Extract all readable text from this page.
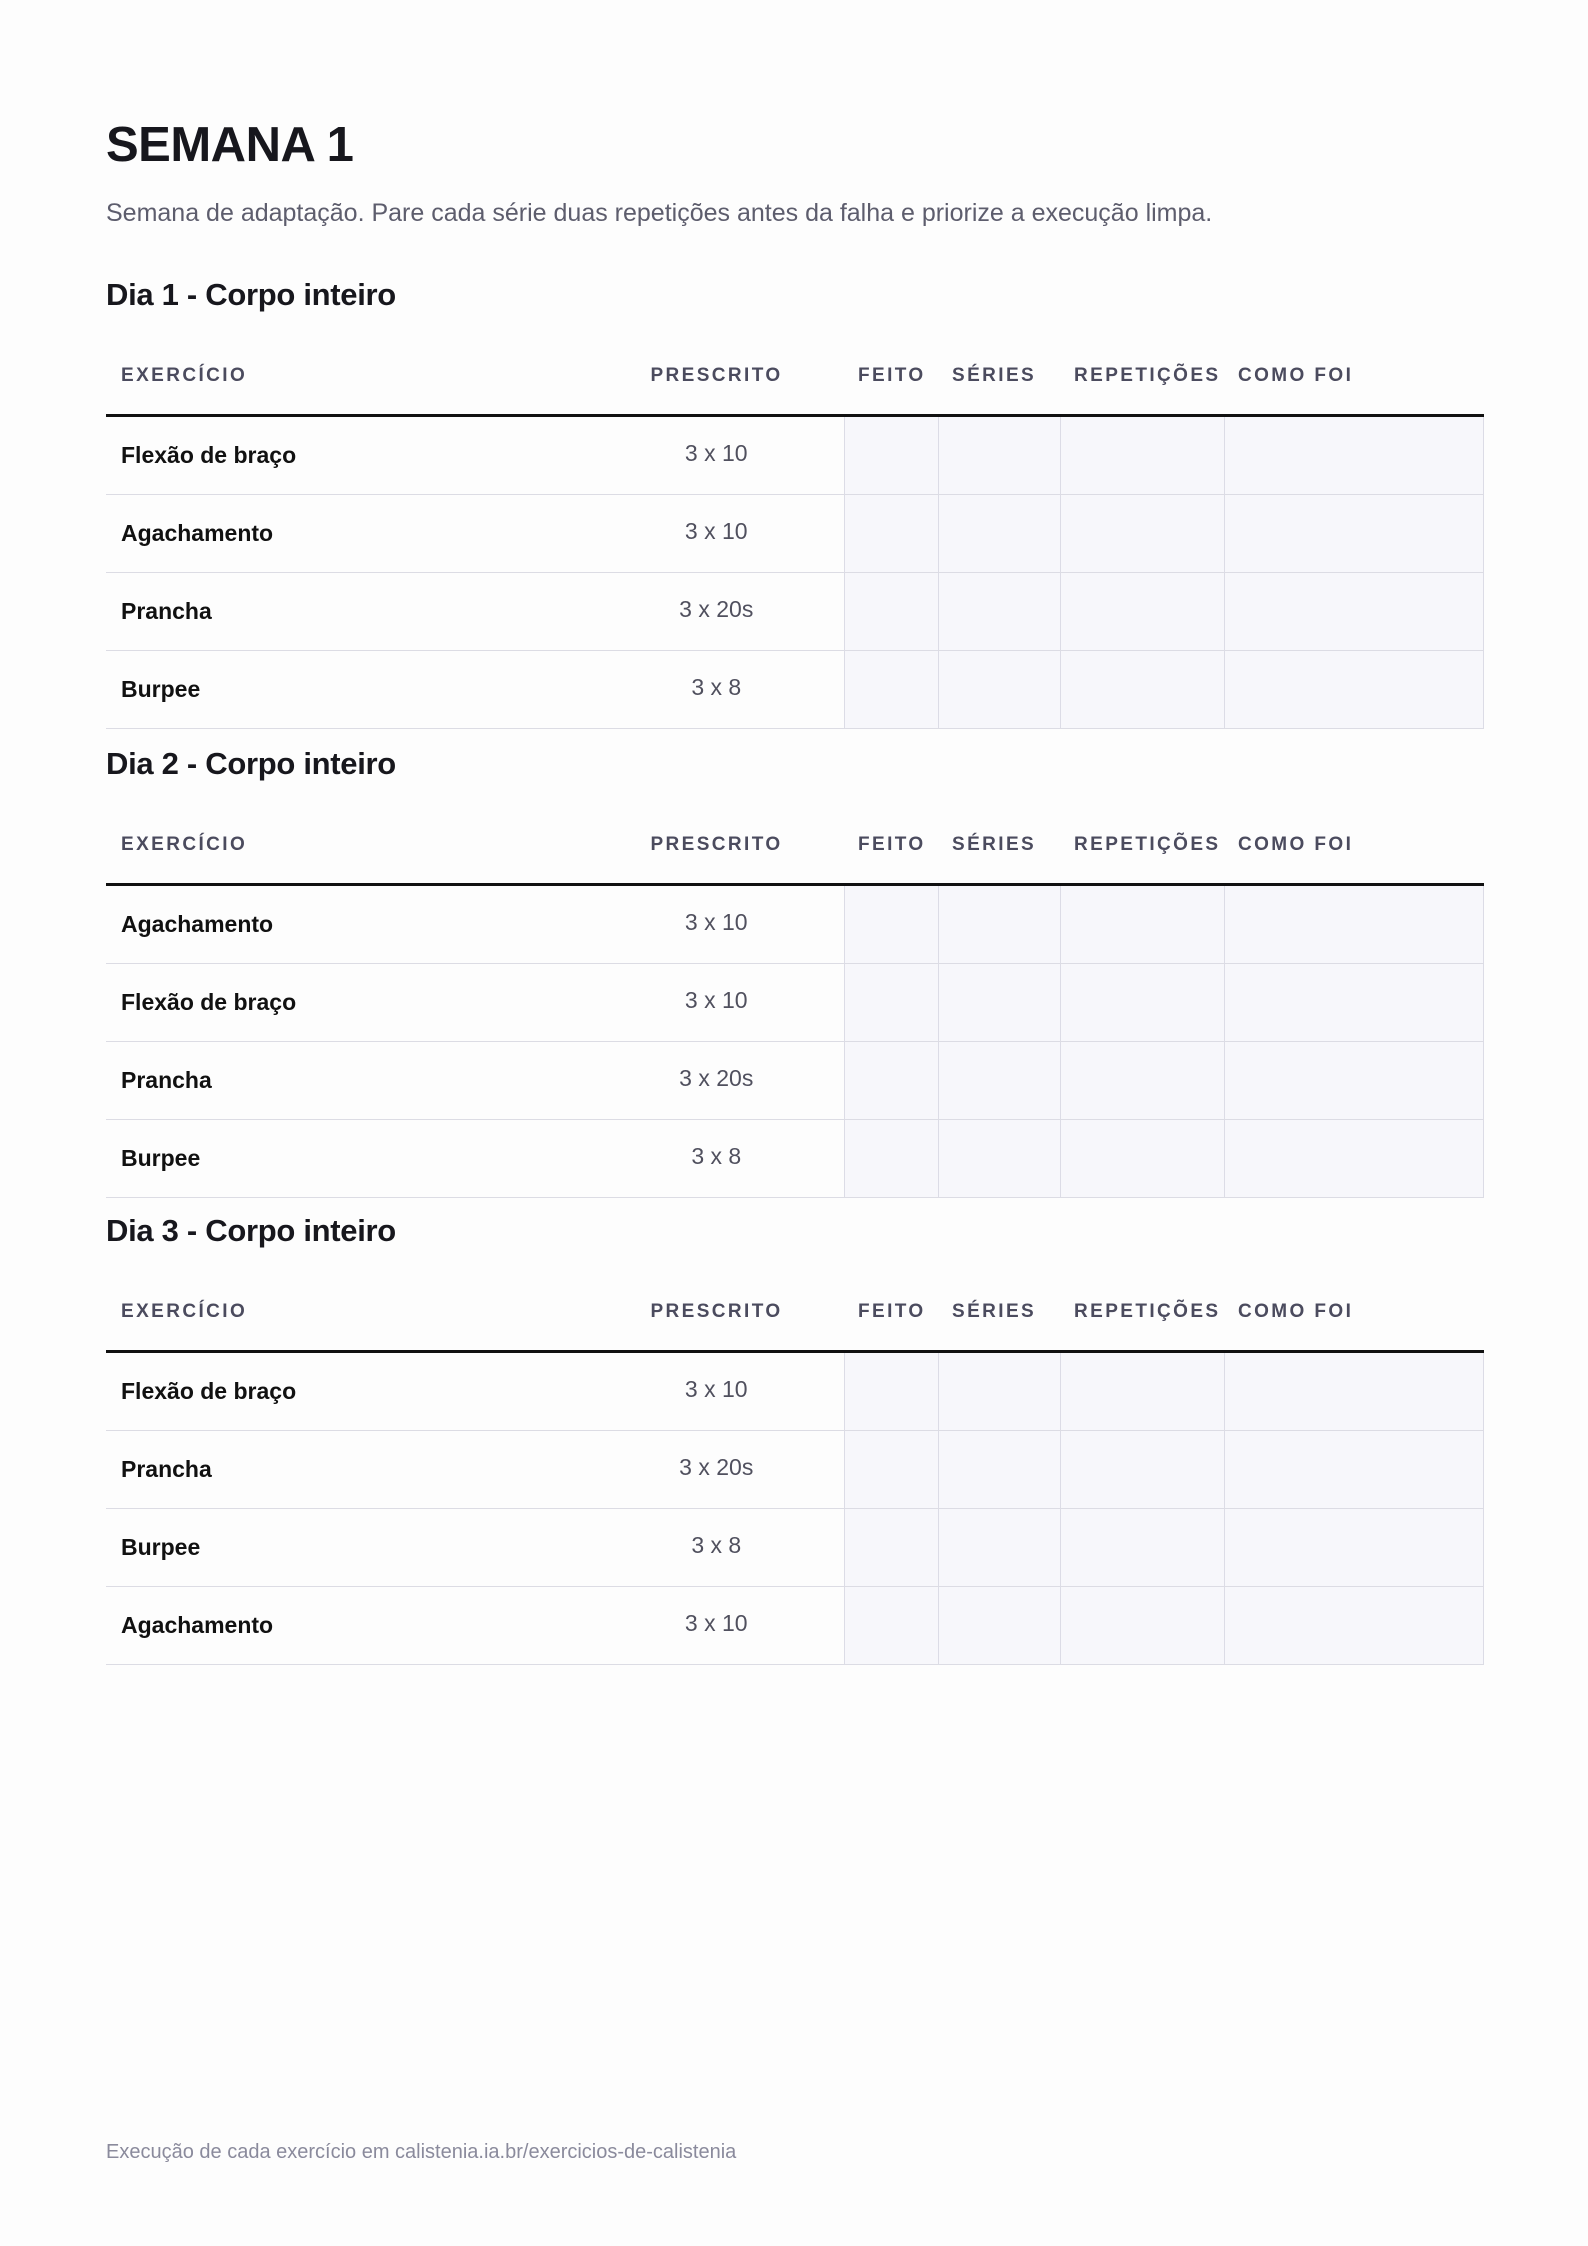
SEMANA 1

Semana de adaptação. Pare cada série duas repetições antes da falha e priorize a execução limpa.

Dia 1 - Corpo inteiro
EXERCÍCIO	PRESCRITO	FEITO	SÉRIES	REPETIÇÕES	COMO FOI
Flexão de braço	3 x 10				
Agachamento	3 x 10				
Prancha	3 x 20s				
Burpee	3 x 8				
Dia 2 - Corpo inteiro
EXERCÍCIO	PRESCRITO	FEITO	SÉRIES	REPETIÇÕES	COMO FOI
Agachamento	3 x 10				
Flexão de braço	3 x 10				
Prancha	3 x 20s				
Burpee	3 x 8				
Dia 3 - Corpo inteiro
EXERCÍCIO	PRESCRITO	FEITO	SÉRIES	REPETIÇÕES	COMO FOI
Flexão de braço	3 x 10				
Prancha	3 x 20s				
Burpee	3 x 8				
Agachamento	3 x 10				
Execução de cada exercício em calistenia.ia.br/exercicios-de-calistenia
